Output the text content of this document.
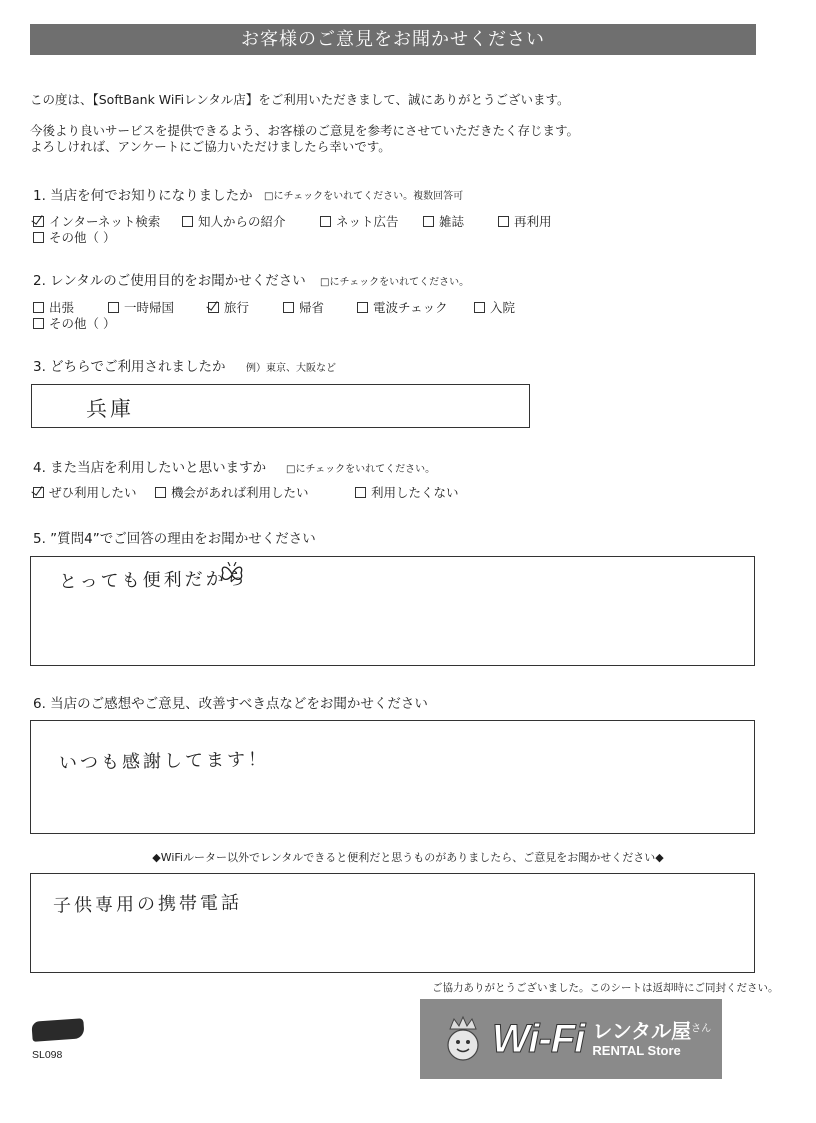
お客様のご意見をお聞かせください
この度は、【SoftBank WiFiレンタル店】をご利用いただきまして、誠にありがとうございます。
今後より良いサービスを提供できるよう、お客様のご意見を参考にさせていただきたく存じます。
よろしければ、アンケートにご協力いただけましたら幸いです。
1. 当店を何でお知りになりましたか □にチェックをいれてください。複数回答可
インターネット検索	知人からの紹介	ネット広告	雑誌	再利用
その他（ ）
2. レンタルのご使用目的をお聞かせください □にチェックをいれてください。
出張	一時帰国	旅行	帰省	電波チェック	入院
その他（ ）
3. どちらでご利用されましたか 例）東京、大阪など
兵庫
4. また当店を利用したいと思いますか □にチェックをいれてください。
ぜひ利用したい	機会があれば利用したい	利用したくない
5. ”質問4”でご回答の理由をお聞かせください
とっても便利だから
6. 当店のご感想やご意見、改善すべき点などをお聞かせください
いつも感謝してます！
◆WiFiルーター以外でレンタルできると便利だと思うものがありましたら、ご意見をお聞かせください◆
子供専用の携帯電話
ご協力ありがとうございました。このシートは返却時にご同封ください。
SL098	Wi-Fi レンタル屋$^{さん}$
RENTAL Store
